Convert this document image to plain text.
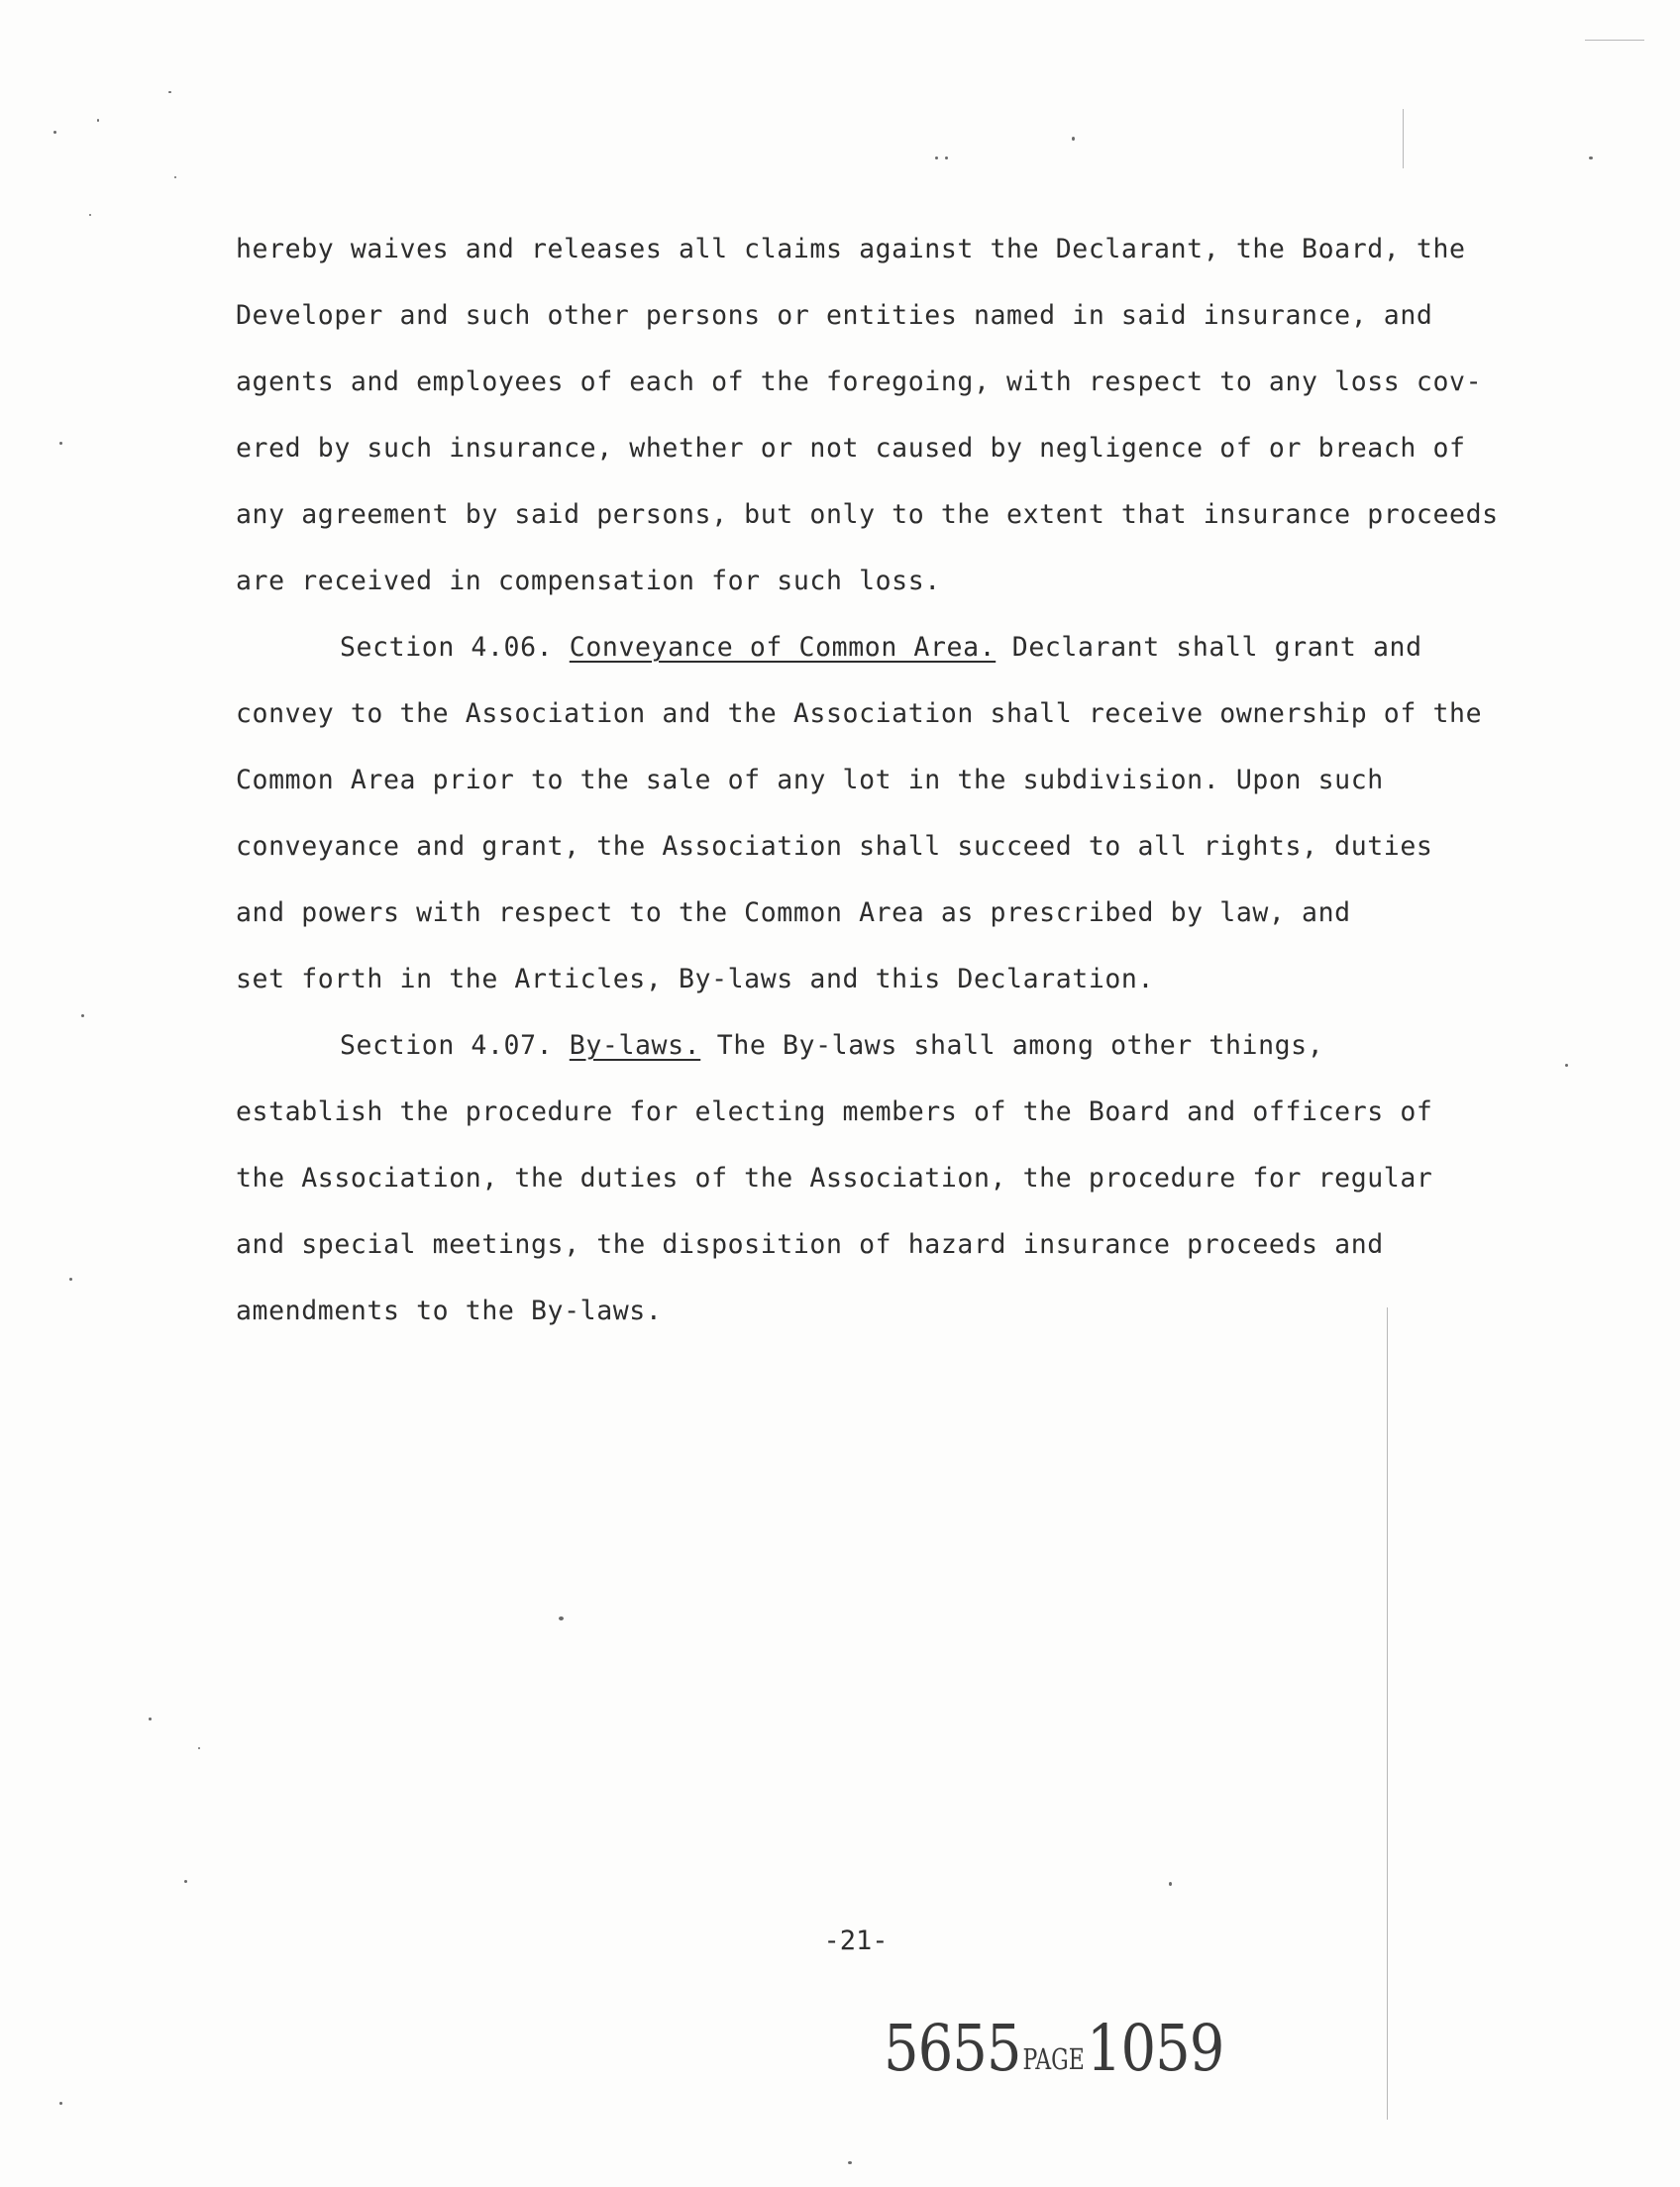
hereby waives and releases all claims against the Declarant, the Board, the
Developer and such other persons or entities named in said insurance, and
agents and employees of each of the foregoing, with respect to any loss cov-
ered by such insurance, whether or not caused by negligence of or breach of
any agreement by said persons, but only to the extent that insurance proceeds
are received in compensation for such loss.
Section 4.06. Conveyance of Common Area. Declarant shall grant and
convey to the Association and the Association shall receive ownership of the
Common Area prior to the sale of any lot in the subdivision. Upon such
conveyance and grant, the Association shall succeed to all rights, duties
and powers with respect to the Common Area as prescribed by law, and
set forth in the Articles, By-laws and this Declaration.
Section 4.07. By-laws. The By-laws shall among other things,
establish the procedure for electing members of the Board and officers of
the Association, the duties of the Association, the procedure for regular
and special meetings, the disposition of hazard insurance proceeds and
amendments to the By-laws.
-21-
5655PAGE1059
